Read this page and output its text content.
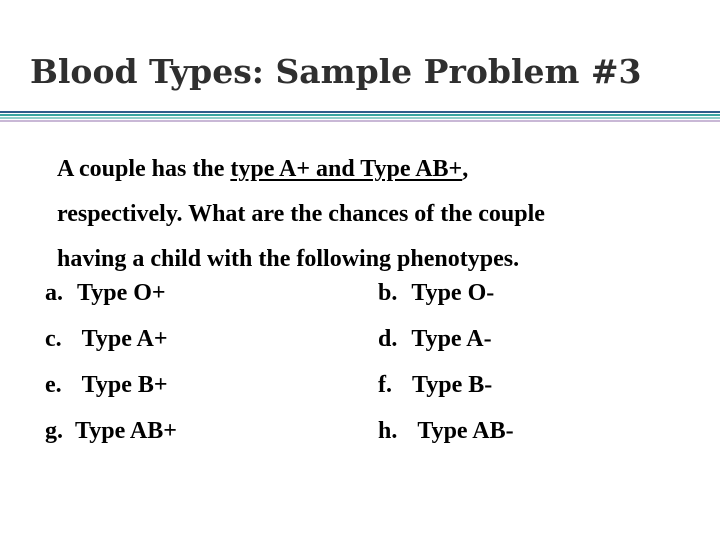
Blood Types: Sample Problem #3
A couple has the type A+ and Type AB+,
respectively. What are the chances of the couple
having a child with the following phenotypes.
a. Type O+
c. Type A+
e. Type B+
g. Type AB+
b. Type O-
d. Type A-
f. Type B-
h. Type AB-
